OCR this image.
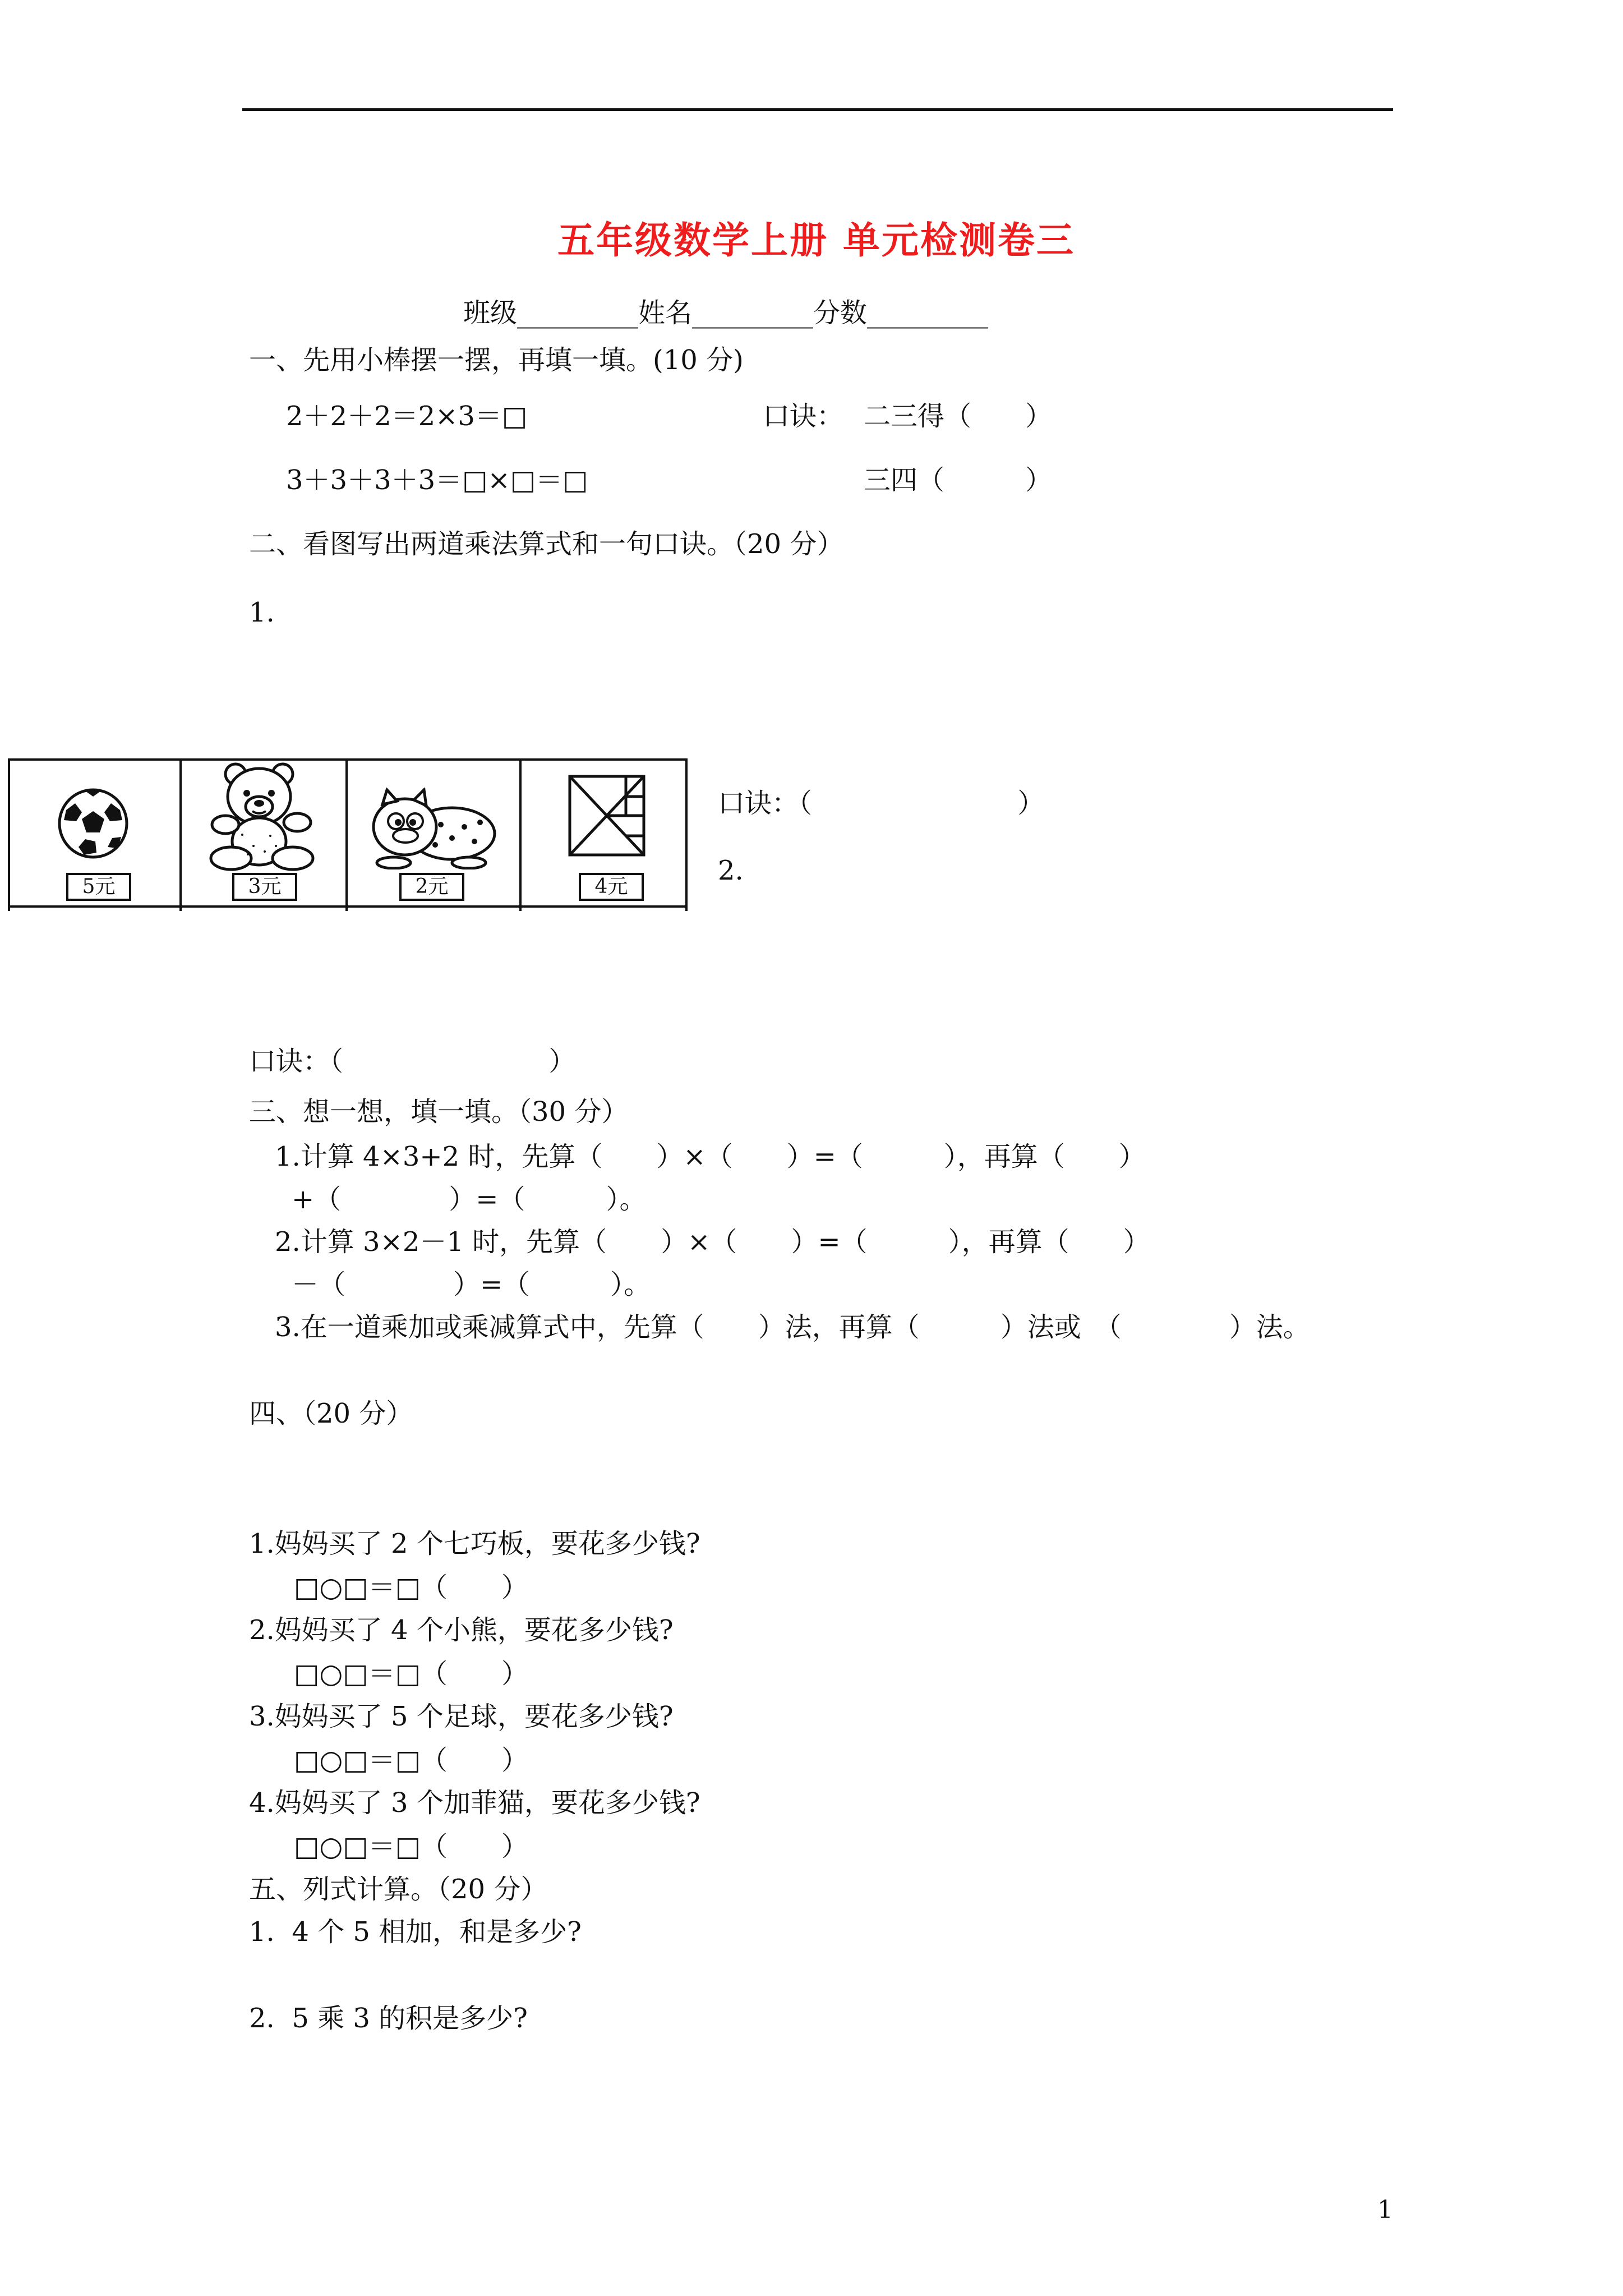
五年级数学上册 单元检测卷三
班级_________姓名_________分数_________
一、先用小棒摆一摆，再填一填。(10 分)
2＋2＋2＝2×3＝□	口诀： 二三得（　　）
3＋3＋3＋3＝□×□＝□	三四（　　　）
二、看图写出两道乘法算式和一句口诀。（20 分）
1.
5元	3元	2元	4元
口诀：（                        ）
2.
口诀：（                        ）
三、想一想，填一填。（30 分）
1.计算 4×3+2 时，先算（　　）×（　　）=（　　　），再算（　　）
+（　　　　）=（　　　）。
2.计算 3×2－1 时，先算（　　）×（　　）=（　　　），再算（　　）
－（　　　　）=（　　　）。
3.在一道乘加或乘减算式中，先算（　　）法，再算（　　　）法或　（　　　　）法。
四、（20 分）
1.妈妈买了 2 个七巧板，要花多少钱?
□○□＝□（　　）
2.妈妈买了 4 个小熊，要花多少钱?
□○□＝□（　　）
3.妈妈买了 5 个足球，要花多少钱?
□○□＝□（　　）
4.妈妈买了 3 个加菲猫，要花多少钱?
□○□＝□（　　）
五、列式计算。（20 分）
1.  4 个 5 相加，和是多少?
2.  5 乘 3 的积是多少?
1
